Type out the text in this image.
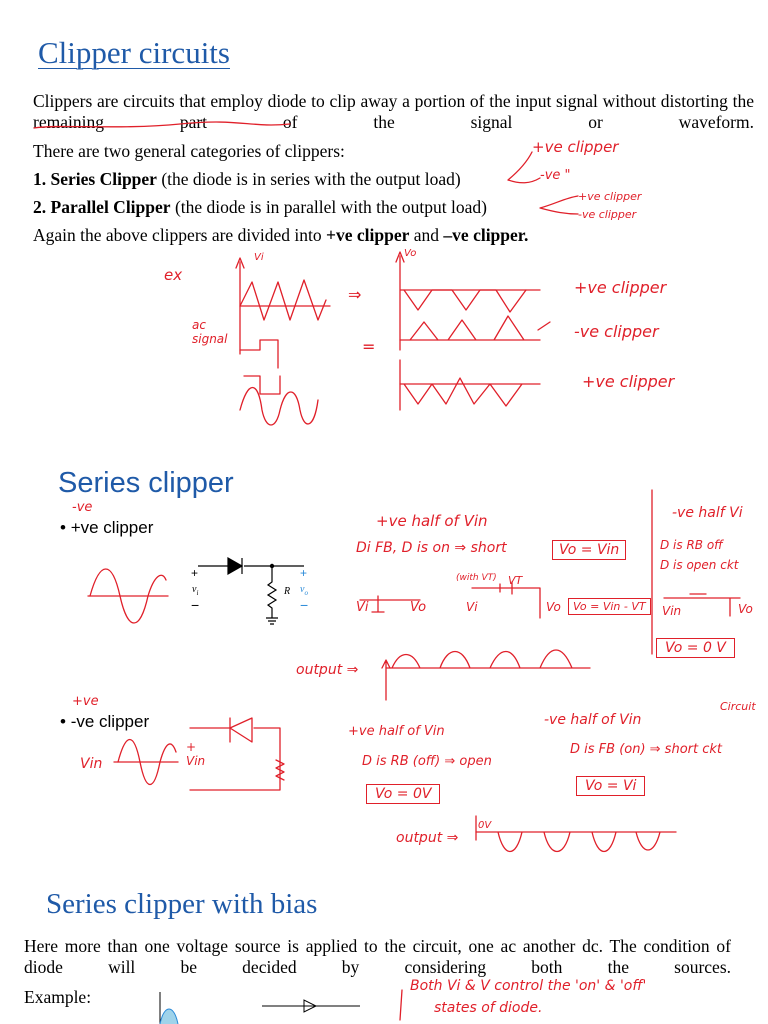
Clipper circuits
Clippers are circuits that employ diode to clip away a portion of the input signal without distorting the remaining part of the signal or waveform.
There are two general categories of clippers:
1. Series Clipper (the diode is in series with the output load)
2. Parallel Clipper (the diode is in parallel with the output load)
Again the above clippers are divided into +ve clipper and –ve clipper.
+ve clipper
-ve "
+ve clipper
-ve clipper
ex
ac signal
Vi	Vo
⇒
=
+ve clipper
-ve clipper
+ve clipper
Series clipper
• +ve clipper
• -ve clipper
-ve
+ve
+
$v_i$
−
R
+
$v_o$
−
+ve half of Vin
Di FB, D is on ⇒ short	Vo = Vin
-ve half Vi
D is RB off
D is open ckt
(with VT) VT
Vo = Vin - VT
Vi	Vo	Vi	Vo	Vin	Vo
Vo = 0 V
output ⇒
Vin
+ Vin
+ve half of Vin
D is RB (off) ⇒ open
Vo = 0V
-ve half of Vin
D is FB (on) ⇒ short ckt
Vo = Vi
Circuit
output ⇒
0V
Series clipper with bias
Here more than one voltage source is applied to the circuit, one ac another dc. The condition of diode will be decided by considering both the sources.
Example:
Both Vi & V control the 'on' & 'off'
states of diode.
